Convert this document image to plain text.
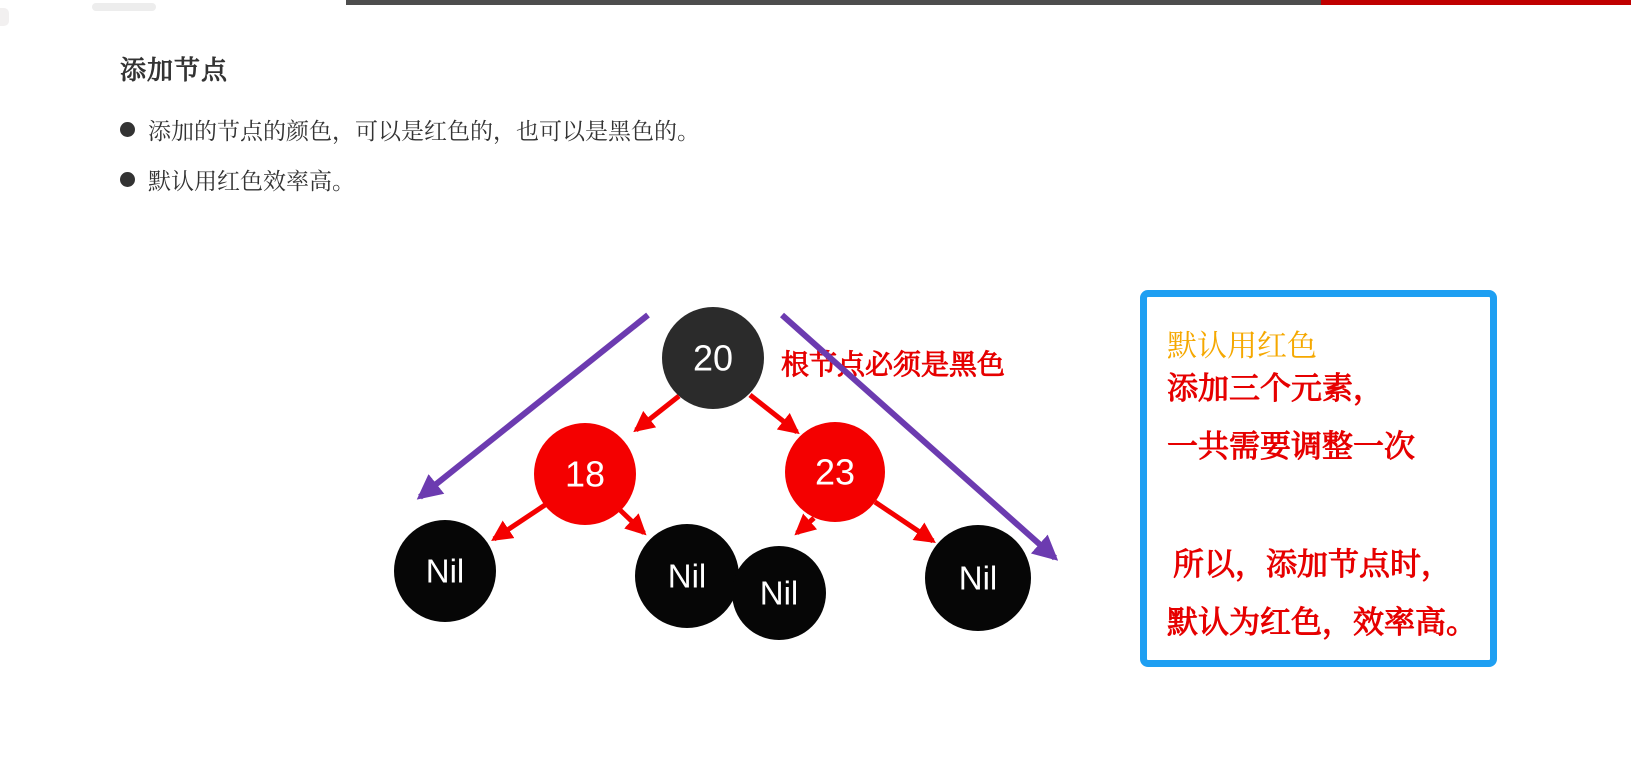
添加节点
添加的节点的颜色，可以是红色的，也可以是黑色的。
默认用红色效率高。
根节点必须是黑色
20
18	23
Nil	Nil Nil	Nil
默认用红色
添加三个元素，
一共需要调整一次
所以，添加节点时，
默认为红色，效率高。
